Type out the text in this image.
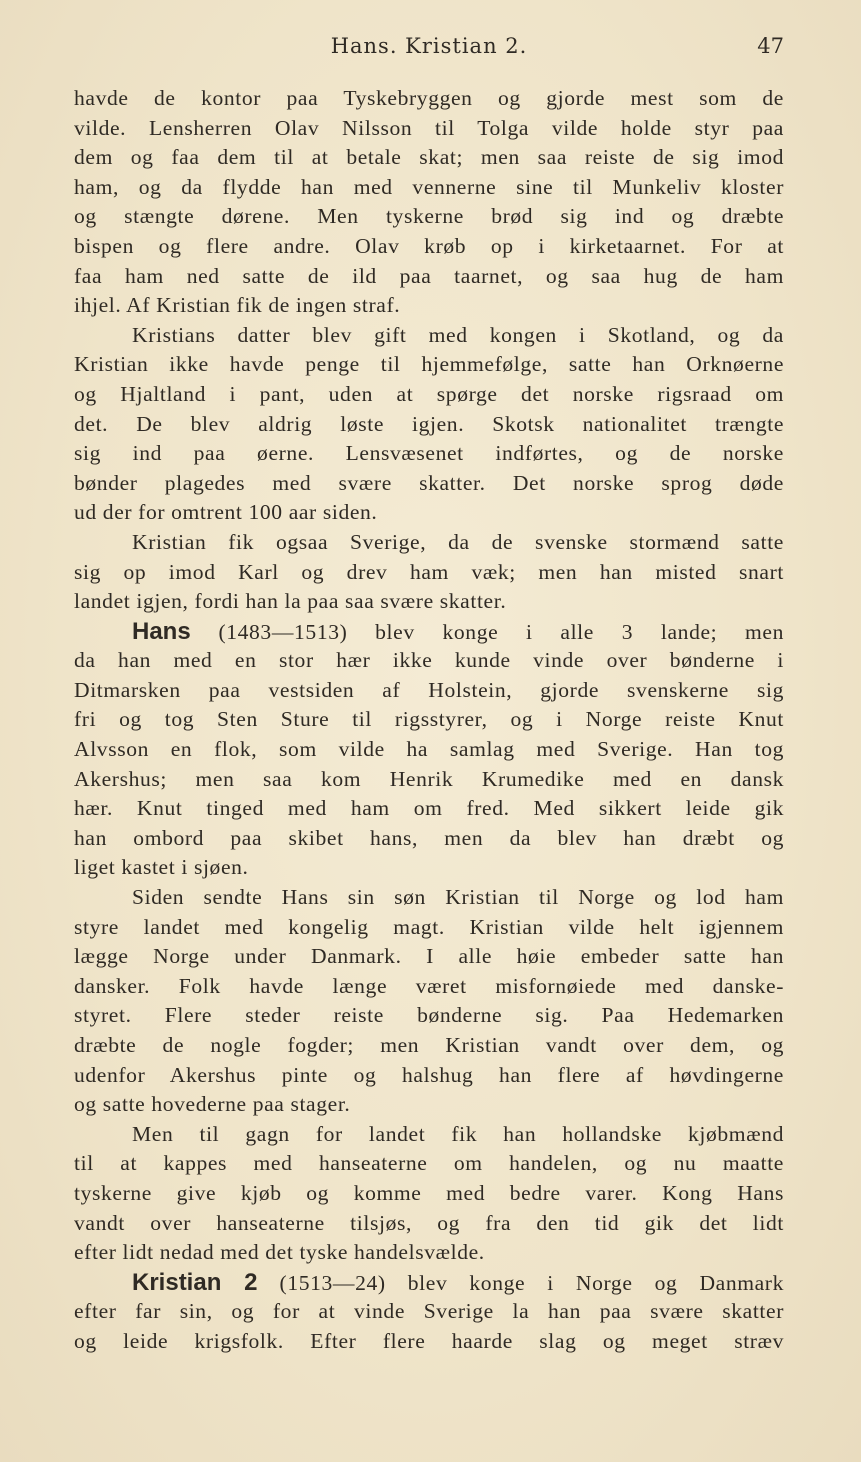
Hans. Kristian 2.	47
havde de kontor paa Tyskebryggen og gjorde mest som de
vilde. Lensherren Olav Nilsson til Tolga vilde holde styr paa
dem og faa dem til at betale skat; men saa reiste de sig imod
ham, og da flydde han med vennerne sine til Munkeliv kloster
og stængte dørene. Men tyskerne brød sig ind og dræbte
bispen og flere andre. Olav krøb op i kirketaarnet. For at
faa ham ned satte de ild paa taarnet, og saa hug de ham
ihjel. Af Kristian fik de ingen straf.
Kristians datter blev gift med kongen i Skotland, og da
Kristian ikke havde penge til hjemmefølge, satte han Orknøerne
og Hjaltland i pant, uden at spørge det norske rigsraad om
det. De blev aldrig løste igjen. Skotsk nationalitet trængte
sig ind paa øerne. Lensvæsenet indførtes, og de norske
bønder plagedes med svære skatter. Det norske sprog døde
ud der for omtrent 100 aar siden.
Kristian fik ogsaa Sverige, da de svenske stormænd satte
sig op imod Karl og drev ham væk; men han misted snart
landet igjen, fordi han la paa saa svære skatter.
Hans (1483—1513) blev konge i alle 3 lande; men
da han med en stor hær ikke kunde vinde over bønderne i
Ditmarsken paa vestsiden af Holstein, gjorde svenskerne sig
fri og tog Sten Sture til rigsstyrer, og i Norge reiste Knut
Alvsson en flok, som vilde ha samlag med Sverige. Han tog
Akershus; men saa kom Henrik Krumedike med en dansk
hær. Knut tinged med ham om fred. Med sikkert leide gik
han ombord paa skibet hans, men da blev han dræbt og
liget kastet i sjøen.
Siden sendte Hans sin søn Kristian til Norge og lod ham
styre landet med kongelig magt. Kristian vilde helt igjennem
lægge Norge under Danmark. I alle høie embeder satte han
dansker. Folk havde længe været misfornøiede med danske-
styret. Flere steder reiste bønderne sig. Paa Hedemarken
dræbte de nogle fogder; men Kristian vandt over dem, og
udenfor Akershus pinte og halshug han flere af høvdingerne
og satte hovederne paa stager.
Men til gagn for landet fik han hollandske kjøbmænd
til at kappes med hanseaterne om handelen, og nu maatte
tyskerne give kjøb og komme med bedre varer. Kong Hans
vandt over hanseaterne tilsjøs, og fra den tid gik det lidt
efter lidt nedad med det tyske handelsvælde.
Kristian 2 (1513—24) blev konge i Norge og Danmark
efter far sin, og for at vinde Sverige la han paa svære skatter
og leide krigsfolk. Efter flere haarde slag og meget stræv
